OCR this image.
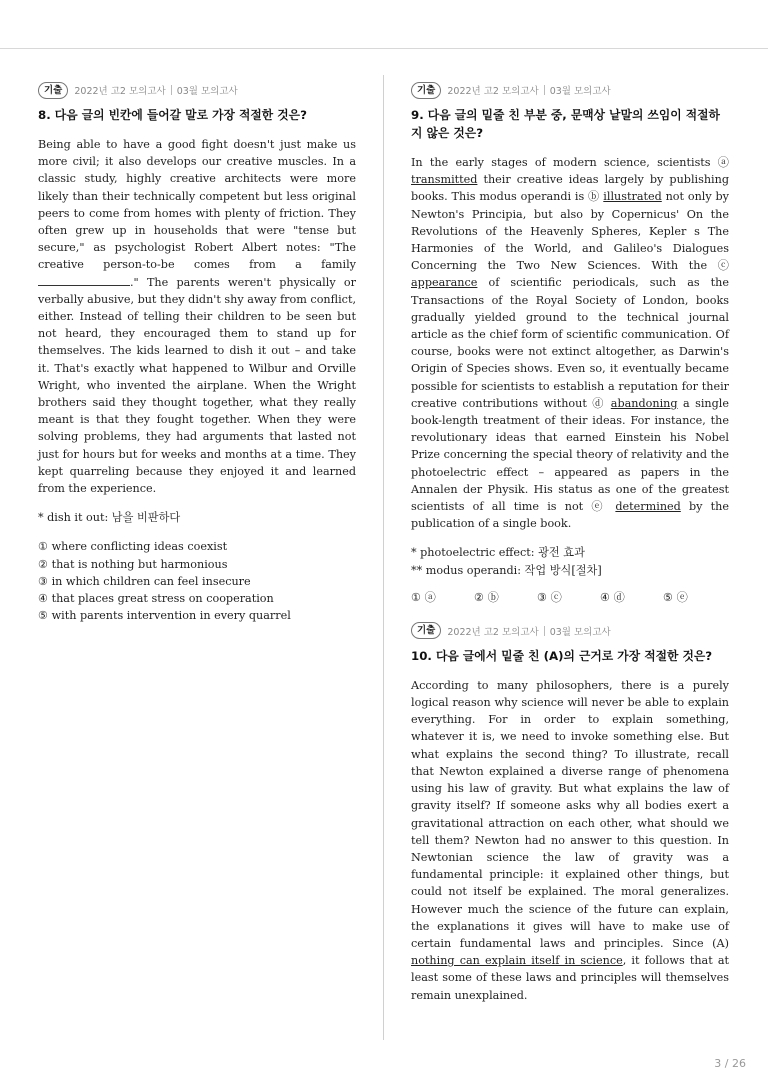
기출	2022년 고2 모의고사 03월 모의고사
8. 다음 글의 빈칸에 들어갈 말로 가장 적절한 것은?
Being able to have a good fight doesn't just make us more civil; it also develops our creative muscles. In a classic study, highly creative architects were more likely than their technically competent but less original peers to come from homes with plenty of friction. They often grew up in households that were "tense but secure," as psychologist Robert Albert notes: "The creative person-to-be comes from a family ." The parents weren't physically or verbally abusive, but they didn't shy away from conflict, either. Instead of telling their children to be seen but not heard, they encouraged them to stand up for themselves. The kids learned to dish it out – and take it. That's exactly what happened to Wilbur and Orville Wright, who invented the airplane. When the Wright brothers said they thought together, what they really meant is that they fought together. When they were solving problems, they had arguments that lasted not just for hours but for weeks and months at a time. They kept quarreling because they enjoyed it and learned from the experience.
* dish it out: 남을 비판하다
① where conflicting ideas coexist
② that is nothing but harmonious
③ in which children can feel insecure
④ that places great stress on cooperation
⑤ with parents intervention in every quarrel
기출	2022년 고2 모의고사 03월 모의고사
9. 다음 글의 밑줄 친 부분 중, 문맥상 낱말의 쓰임이 적절하지 않은 것은?
In the early stages of modern science, scientists ⓐ transmitted their creative ideas largely by publishing books. This modus operandi is ⓑ illustrated not only by Newton's Principia, but also by Copernicus' On the Revolutions of the Heavenly Spheres, Kepler s The Harmonies of the World, and Galileo's Dialogues Concerning the Two New Sciences. With the ⓒ appearance of scientific periodicals, such as the Transactions of the Royal Society of London, books gradually yielded ground to the technical journal article as the chief form of scientific communication. Of course, books were not extinct altogether, as Darwin's Origin of Species shows. Even so, it eventually became possible for scientists to establish a reputation for their creative contributions without ⓓ abandoning a single book-length treatment of their ideas. For instance, the revolutionary ideas that earned Einstein his Nobel Prize concerning the special theory of relativity and the photoelectric effect – appeared as papers in the Annalen der Physik. His status as one of the greatest scientists of all time is not ⓔ determined by the publication of a single book.
* photoelectric effect: 광전 효과
** modus operandi: 작업 방식[절차]
① ⓐ	② ⓑ	③ ⓒ	④ ⓓ	⑤ ⓔ
기출	2022년 고2 모의고사 03월 모의고사
10. 다음 글에서 밑줄 친 (A)의 근거로 가장 적절한 것은?
According to many philosophers, there is a purely logical reason why science will never be able to explain everything. For in order to explain something, whatever it is, we need to invoke something else. But what explains the second thing? To illustrate, recall that Newton explained a diverse range of phenomena using his law of gravity. But what explains the law of gravity itself? If someone asks why all bodies exert a gravitational attraction on each other, what should we tell them? Newton had no answer to this question. In Newtonian science the law of gravity was a fundamental principle: it explained other things, but could not itself be explained. The moral generalizes. However much the science of the future can explain, the explanations it gives will have to make use of certain fundamental laws and principles. Since (A) nothing can explain itself in science, it follows that at least some of these laws and principles will themselves remain unexplained.
3 / 26
